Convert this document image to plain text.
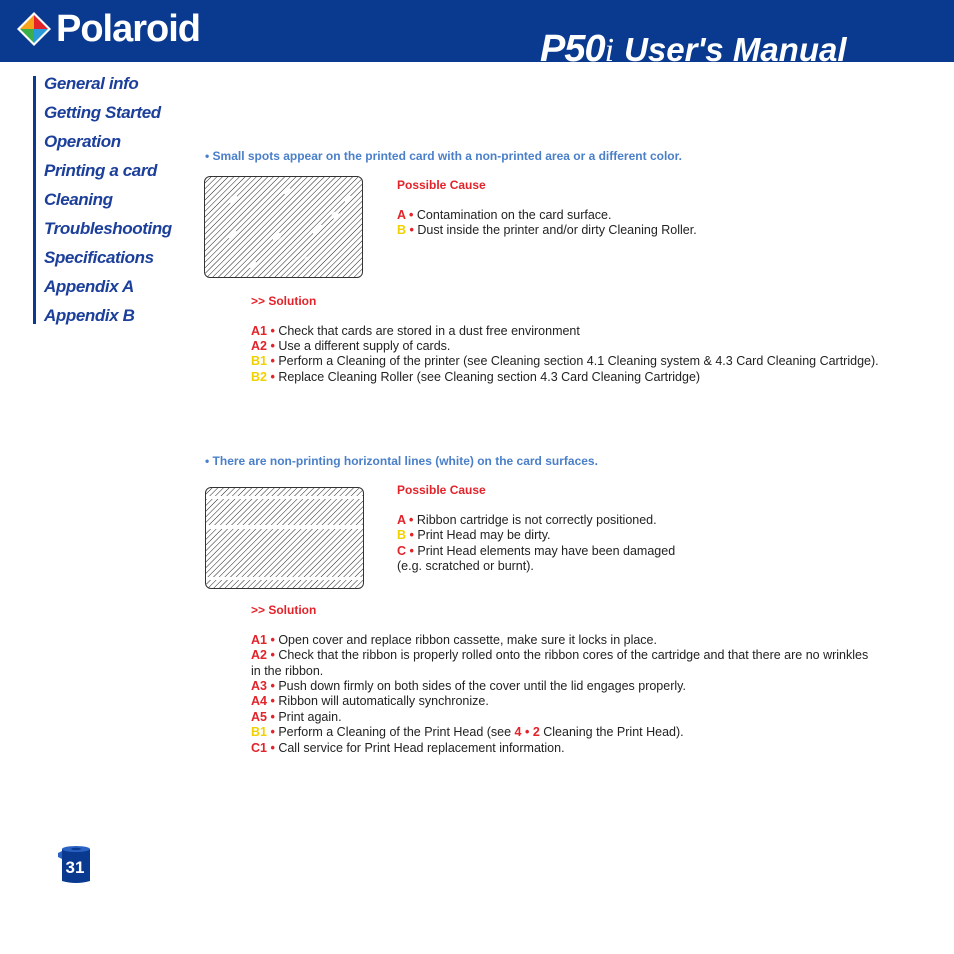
Polaroid	P50i User's Manual
General info
Getting Started
Operation
Printing a card
Cleaning
Troubleshooting
Specifications
Appendix A
Appendix B
• Small spots appear on the printed card with a non-printed area or a different color.
Possible Cause
A • Contamination on the card surface.
B • Dust inside the printer and/or dirty Cleaning Roller.
>> Solution
A1 • Check that cards are stored in a dust free environment
A2 • Use a different supply of cards.
B1 • Perform a Cleaning of the printer (see Cleaning section 4.1 Cleaning system & 4.3 Card Cleaning Cartridge).
B2 • Replace Cleaning Roller (see Cleaning section 4.3 Card Cleaning Cartridge)
• There are non-printing horizontal lines (white) on the card surfaces.
Possible Cause
A • Ribbon cartridge is not correctly positioned.
B • Print Head may be dirty.
C • Print Head elements may have been damaged
(e.g. scratched or burnt).
>> Solution
A1 • Open cover and replace ribbon cassette, make sure it locks in place.
A2 • Check that the ribbon is properly rolled onto the ribbon cores of the cartridge and that there are no wrinkles
in the ribbon.
A3 • Push down firmly on both sides of the cover until the lid engages properly.
A4 • Ribbon will automatically synchronize.
A5 • Print again.
B1 • Perform a Cleaning of the Print Head (see 4 • 2 Cleaning the Print Head).
C1 • Call service for Print Head replacement information.
31
